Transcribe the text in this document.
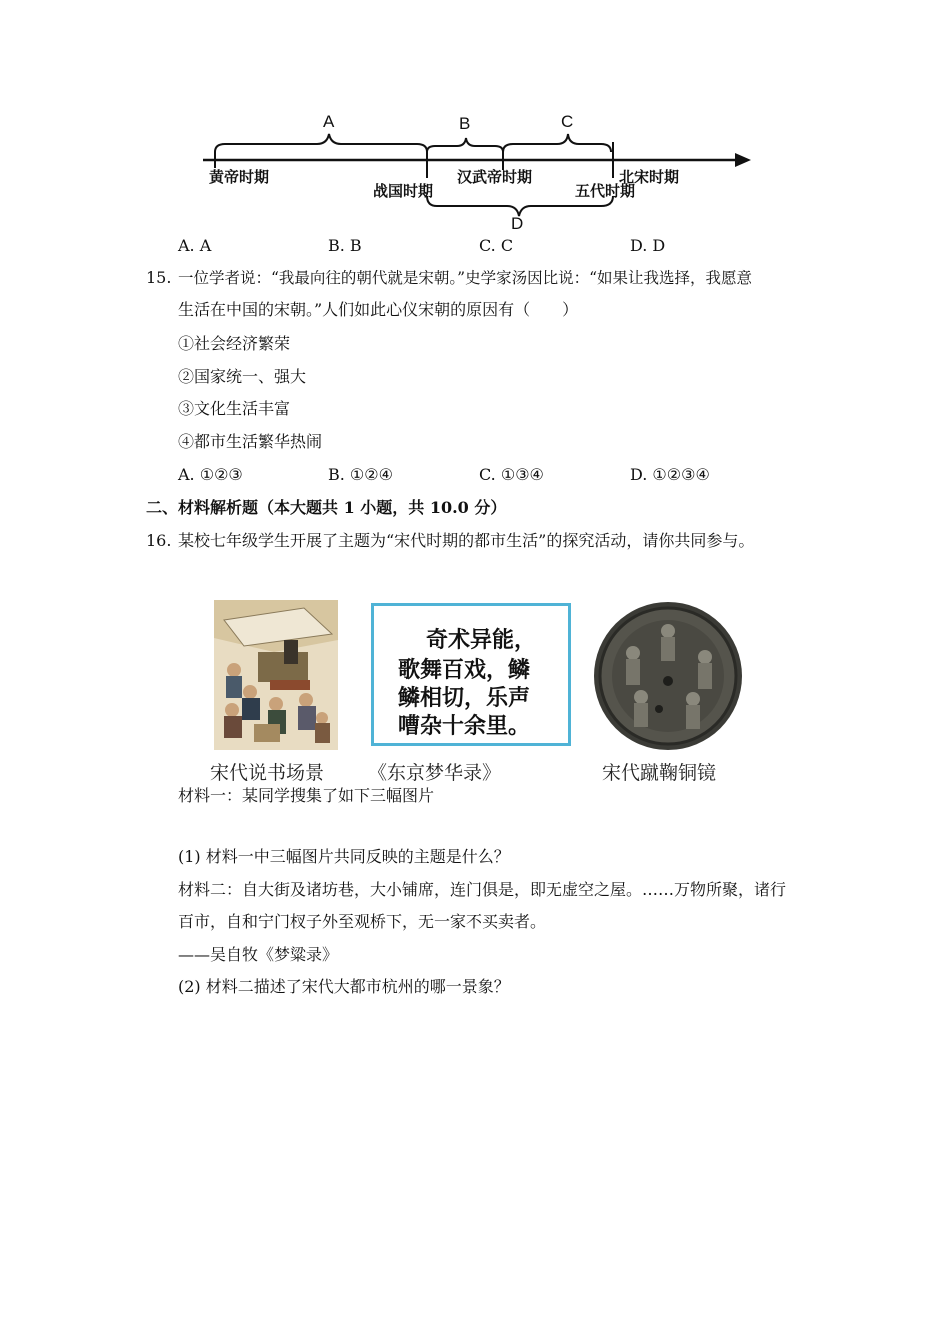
A	B	C
D
黄帝时期
战国时期
汉武帝时期
五代时期
北宋时期
A. A	B. B	C. C	D. D
15. 一位学者说：“我最向往的朝代就是宋朝。”史学家汤因比说：“如果让我选择，我愿意
生活在中国的宋朝。”人们如此心仪宋朝的原因有（　　）
①社会经济繁荣
②国家统一、强大
③文化生活丰富
④都市生活繁华热闹
A. ①②③	B. ①②④	C. ①③④	D. ①②③④
二、材料解析题（本大题共 1 小题，共 10.0 分）
16. 某校七年级学生开展了主题为“宋代时期的都市生活”的探究活动，请你共同参与。
宋代说书场景
奇术异能，
歌舞百戏，鳞
鳞相切，乐声
嘈杂十余里。
《东京梦华录》	宋代蹴鞠铜镜
材料一：某同学搜集了如下三幅图片
(1) 材料一中三幅图片共同反映的主题是什么？
材料二：自大街及诸坊巷，大小铺席，连门俱是，即无虚空之屋。……万物所聚，诸行
百市，自和宁门杈子外至观桥下，无一家不买卖者。
——吴自牧《梦粱录》
(2) 材料二描述了宋代大都市杭州的哪一景象？
